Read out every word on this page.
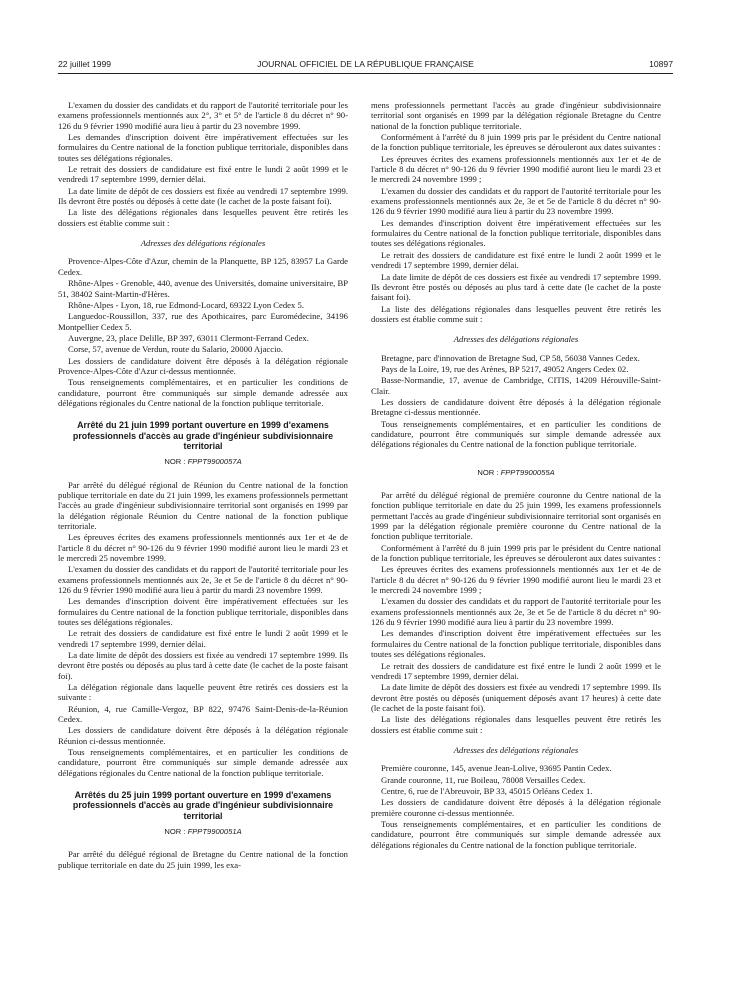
22 juillet 1999	JOURNAL OFFICIEL DE LA RÉPUBLIQUE FRANÇAISE	10897

L'examen du dossier des candidats et du rapport de l'autorité territoriale pour les examens professionnels mentionnés aux 2°, 3° et 5° de l'article 8 du décret n° 90-126 du 9 février 1990 modifié aura lieu à partir du 23 novembre 1999.

Les demandes d'inscription doivent être impérativement effectuées sur les formulaires du Centre national de la fonction publique territoriale, disponibles dans toutes ses délégations régionales.

Le retrait des dossiers de candidature est fixé entre le lundi 2 août 1999 et le vendredi 17 septembre 1999, dernier délai.

La date limite de dépôt de ces dossiers est fixée au vendredi 17 septembre 1999. Ils devront être postés ou déposés à cette date (le cachet de la poste faisant foi).

La liste des délégations régionales dans lesquelles peuvent être retirés les dossiers est établie comme suit :

Adresses des délégations régionales

Provence-Alpes-Côte d'Azur, chemin de la Planquette, BP 125, 83957 La Garde Cedex.

Rhône-Alpes - Grenoble, 440, avenue des Universités, domaine universitaire, BP 51, 38402 Saint-Martin-d'Hères.

Rhône-Alpes - Lyon, 18, rue Edmond-Locard, 69322 Lyon Cedex 5.

Languedoc-Roussillon, 337, rue des Apothicaires, parc Euromédecine, 34196 Montpellier Cedex 5.

Auvergne, 23, place Delille, BP 397, 63011 Clermont-Ferrand Cedex.

Corse, 57, avenue de Verdun, route du Salario, 20000 Ajaccio.

Les dossiers de candidature doivent être déposés à la délégation régionale Provence-Alpes-Côte d'Azur ci-dessus mentionnée.

Tous renseignements complémentaires, et en particulier les conditions de candidature, pourront être communiqués sur simple demande adressée aux délégations régionales du Centre national de la fonction publique territoriale.

Arrêté du 21 juin 1999 portant ouverture en 1999 d'examens professionnels d'accès au grade d'ingénieur subdivisionnaire territorial
NOR : FPPT9900057A

Par arrêté du délégué régional de Réunion du Centre national de la fonction publique territoriale en date du 21 juin 1999, les examens professionnels permettant l'accès au grade d'ingénieur subdivisionnaire territorial sont organisés en 1999 par la délégation régionale Réunion du Centre national de la fonction publique territoriale.

Les épreuves écrites des examens professionnels mentionnés aux 1er et 4e de l'article 8 du décret n° 90-126 du 9 février 1990 modifié auront lieu le mardi 23 et le mercredi 25 novembre 1999.

L'examen du dossier des candidats et du rapport de l'autorité territoriale pour les examens professionnels mentionnés aux 2e, 3e et 5e de l'article 8 du décret n° 90-126 du 9 février 1990 modifié aura lieu à partir du mardi 23 novembre 1999.

Les demandes d'inscription doivent être impérativement effectuées sur les formulaires du Centre national de la fonction publique territoriale, disponibles dans toutes ses délégations régionales.

Le retrait des dossiers de candidature est fixé entre le lundi 2 août 1999 et le vendredi 17 septembre 1999, dernier délai.

La date limite de dépôt des dossiers est fixée au vendredi 17 septembre 1999. Ils devront être postés ou déposés au plus tard à cette date (le cachet de la poste faisant foi).

La délégation régionale dans laquelle peuvent être retirés ces dossiers est la suivante :

Réunion, 4, rue Camille-Vergoz, BP 822, 97476 Saint-Denis-de-la-Réunion Cedex.

Les dossiers de candidature doivent être déposés à la délégation régionale Réunion ci-dessus mentionnée.

Tous renseignements complémentaires, et en particulier les conditions de candidature, pourront être communiqués sur simple demande adressée aux délégations régionales du Centre national de la fonction publique territoriale.

Arrêtés du 25 juin 1999 portant ouverture en 1999 d'examens professionnels d'accès au grade d'ingénieur subdivisionnaire territorial
NOR : FPPT9900051A

Par arrêté du délégué régional de Bretagne du Centre national de la fonction publique territoriale en date du 25 juin 1999, les exa-

mens professionnels permettant l'accès au grade d'ingénieur subdivisionnaire territorial sont organisés en 1999 par la délégation régionale Bretagne du Centre national de la fonction publique territoriale.

Conformément à l'arrêté du 8 juin 1999 pris par le président du Centre national de la fonction publique territoriale, les épreuves se dérouleront aux dates suivantes :

Les épreuves écrites des examens professionnels mentionnés aux 1er et 4e de l'article 8 du décret n° 90-126 du 9 février 1990 modifié auront lieu le mardi 23 et le mercredi 24 novembre 1999 ;

L'examen du dossier des candidats et du rapport de l'autorité territoriale pour les examens professionnels mentionnés aux 2e, 3e et 5e de l'article 8 du décret n° 90-126 du 9 février 1990 modifié aura lieu à partir du 23 novembre 1999.

Les demandes d'inscription doivent être impérativement effectuées sur les formulaires du Centre national de la fonction publique territoriale, disponibles dans toutes ses délégations régionales.

Le retrait des dossiers de candidature est fixé entre le lundi 2 août 1999 et le vendredi 17 septembre 1999, dernier délai.

La date limite de dépôt de ces dossiers est fixée au vendredi 17 septembre 1999. Ils devront être postés ou déposés au plus tard à cette date (le cachet de la poste faisant foi).

La liste des délégations régionales dans lesquelles peuvent être retirés les dossiers est établie comme suit :

Adresses des délégations régionales

Bretagne, parc d'innovation de Bretagne Sud, CP 58, 56038 Vannes Cedex.

Pays de la Loire, 19, rue des Arènes, BP 5217, 49052 Angers Cedex 02.

Basse-Normandie, 17, avenue de Cambridge, CITIS, 14209 Hérouville-Saint-Clair.

Les dossiers de candidature doivent être déposés à la délégation régionale Bretagne ci-dessus mentionnée.

Tous renseignements complémentaires, et en particulier les conditions de candidature, pourront être communiqués sur simple demande adressée aux délégations régionales du Centre national de la fonction publique territoriale.

NOR : FPPT9900055A

Par arrêté du délégué régional de première couronne du Centre national de la fonction publique territoriale en date du 25 juin 1999, les examens professionnels permettant l'accès au grade d'ingénieur subdivisionnaire territorial sont organisés en 1999 par la délégation régionale première couronne du Centre national de la fonction publique territoriale.

Conformément à l'arrêté du 8 juin 1999 pris par le président du Centre national de la fonction publique territoriale, les épreuves se dérouleront aux dates suivantes :

Les épreuves écrites des examens professionnels mentionnés aux 1er et 4e de l'article 8 du décret n° 90-126 du 9 février 1990 modifié auront lieu le mardi 23 et le mercredi 24 novembre 1999 ;

L'examen du dossier des candidats et du rapport de l'autorité territoriale pour les examens professionnels mentionnés aux 2e, 3e et 5e de l'article 8 du décret n° 90-126 du 9 février 1990 modifié aura lieu à partir du 23 novembre 1999.

Les demandes d'inscription doivent être impérativement effectuées sur les formulaires du Centre national de la fonction publique territoriale, disponibles dans toutes ses délégations régionales.

Le retrait des dossiers de candidature est fixé entre le lundi 2 août 1999 et le vendredi 17 septembre 1999, dernier délai.

La date limite de dépôt des dossiers est fixée au vendredi 17 septembre 1999. Ils devront être postés ou déposés (uniquement déposés avant 17 heures) à cette date (le cachet de la poste faisant foi).

La liste des délégations régionales dans lesquelles peuvent être retirés les dossiers est établie comme suit :

Adresses des délégations régionales

Première couronne, 145, avenue Jean-Lolive, 93695 Pantin Cedex.

Grande couronne, 11, rue Boileau, 78008 Versailles Cedex.

Centre, 6, rue de l'Abreuvoir, BP 33, 45015 Orléans Cedex 1.

Les dossiers de candidature doivent être déposés à la délégation régionale première couronne ci-dessus mentionnée.

Tous renseignements complémentaires, et en particulier les conditions de candidature, pourront être communiqués sur simple demande adressée aux délégations régionales du Centre national de la fonction publique territoriale.
